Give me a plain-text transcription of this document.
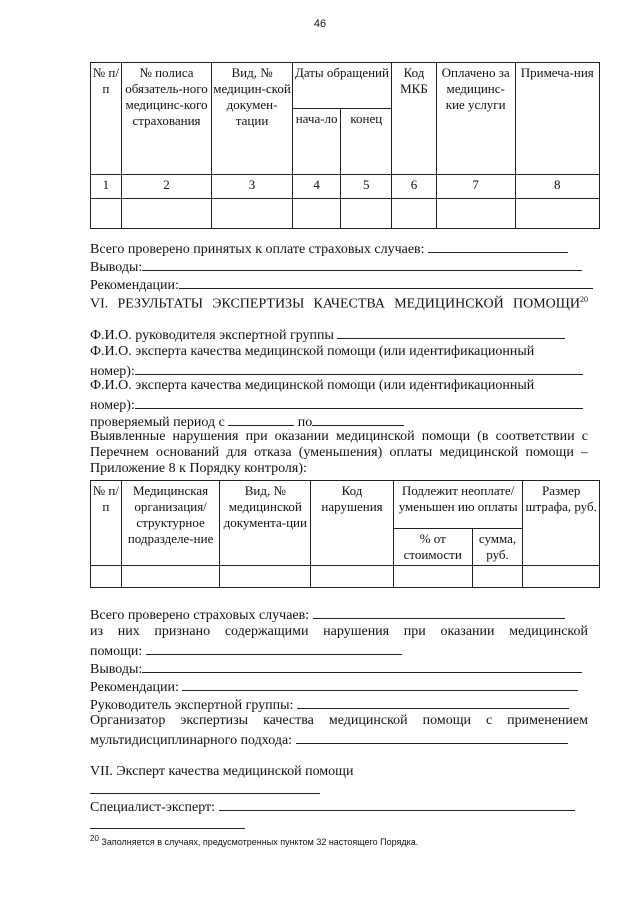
46
№ п/п	№ полиса обязатель-ного медицинс-кого страхования	Вид, № медицин-ской докумен-тации	Даты обращений		Код МКБ	Оплачено за медицинс-кие услуги	Примеча-ния
			нача-ло	конец			
1	2	3	4	5	6	7	8

Всего проверено принятых к оплате страховых случаев:
Выводы:
Рекомендации:
VI. РЕЗУЛЬТАТЫ ЭКСПЕРТИЗЫ КАЧЕСТВА МЕДИЦИНСКОЙ ПОМОЩИ$^{20}$
Ф.И.О. руководителя экспертной группы
Ф.И.О. эксперта качества медицинской помощи (или идентификационный
номер):
Ф.И.О. эксперта качества медицинской помощи (или идентификационный
номер):
проверяемый период с	по
Выявленные нарушения при оказании медицинской помощи (в соответствии с Перечнем оснований для отказа (уменьшения) оплаты медицинской помощи – Приложение 8 к Порядку контроля):
№ п/п	Медицинская организация/ структурное подразделе-ние	Вид, № медицинской документа-ции	Код нарушения	Подлежит неоплате/уменьшен ию оплаты		Размер штрафа, руб.
				% от стоимости	сумма, руб.	

Всего проверено страховых случаев:
из них признано содержащими нарушения при оказании медицинской
помощи:
Выводы:
Рекомендации:
Руководитель экспертной группы:
Организатор экспертизы качества медицинской помощи с применением
мультидисциплинарного подхода:
VII. Эксперт качества медицинской помощи
Специалист-эксперт:
$^{20}$ Заполняется в случаях, предусмотренных пунктом 32 настоящего Порядка.
